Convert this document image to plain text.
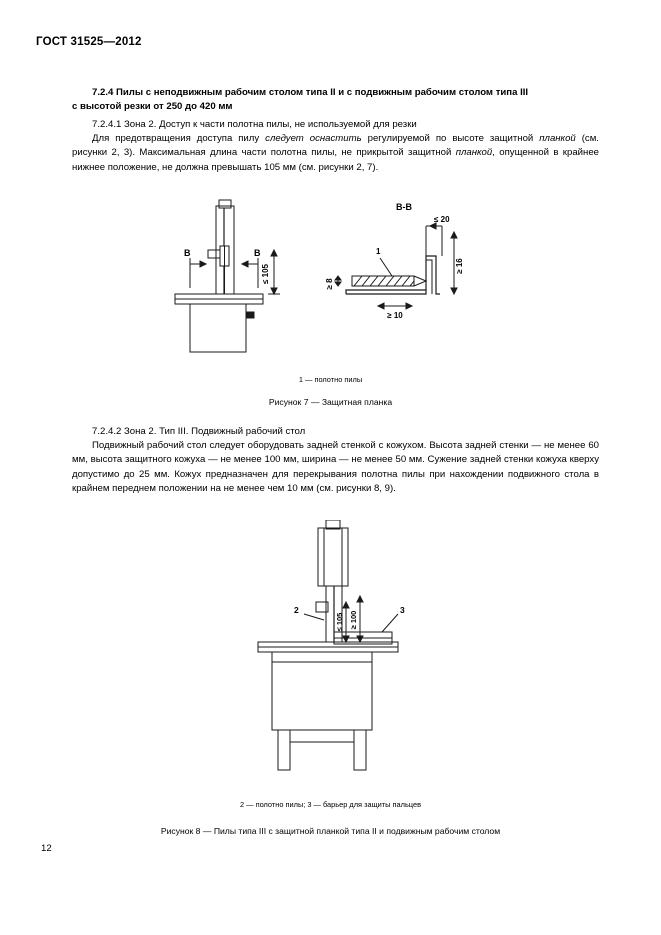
ГОСТ 31525—2012
7.2.4 Пилы с неподвижным рабочим столом типа II и с подвижным рабочим столом типа III
с высотой резки от 250 до 420 мм
7.2.4.1 Зона 2. Доступ к части полотна пилы, не используемой для резки
Для предотвращения доступа пилу следует оснастить регулируемой по высоте защитной планкой (см. рисунки 2, 3). Максимальная длина части полотна пилы, не прикрытой защитной планкой, опущенной в крайнее нижнее положение, не должна превышать 105 мм (см. рисунки 2, 7).
В	В
В-В
≤ 105
≤ 20
≥ 16
≥ 10
≥ 8
1
1 — полотно пилы
Рисунок 7 — Защитная планка
7.2.4.2 Зона 2. Тип III. Подвижный рабочий стол
Подвижный рабочий стол следует оборудовать задней стенкой с кожухом. Высота задней стенки — не менее 60 мм, высота защитного кожуха — не менее 100 мм, ширина — не менее 50 мм. Сужение задней стенки кожуха кверху допустимо до 25 мм. Кожух предназначен для перекрывания полотна пилы при нахождении подвижного стола в крайнем переднем положении на не менее чем 10 мм (см. рисунки 8, 9).
2	3
≤ 105 ≥ 100
2 — полотно пилы; 3 — барьер для защиты пальцев
Рисунок 8 — Пилы типа III с защитной планкой типа II и подвижным рабочим столом
12
